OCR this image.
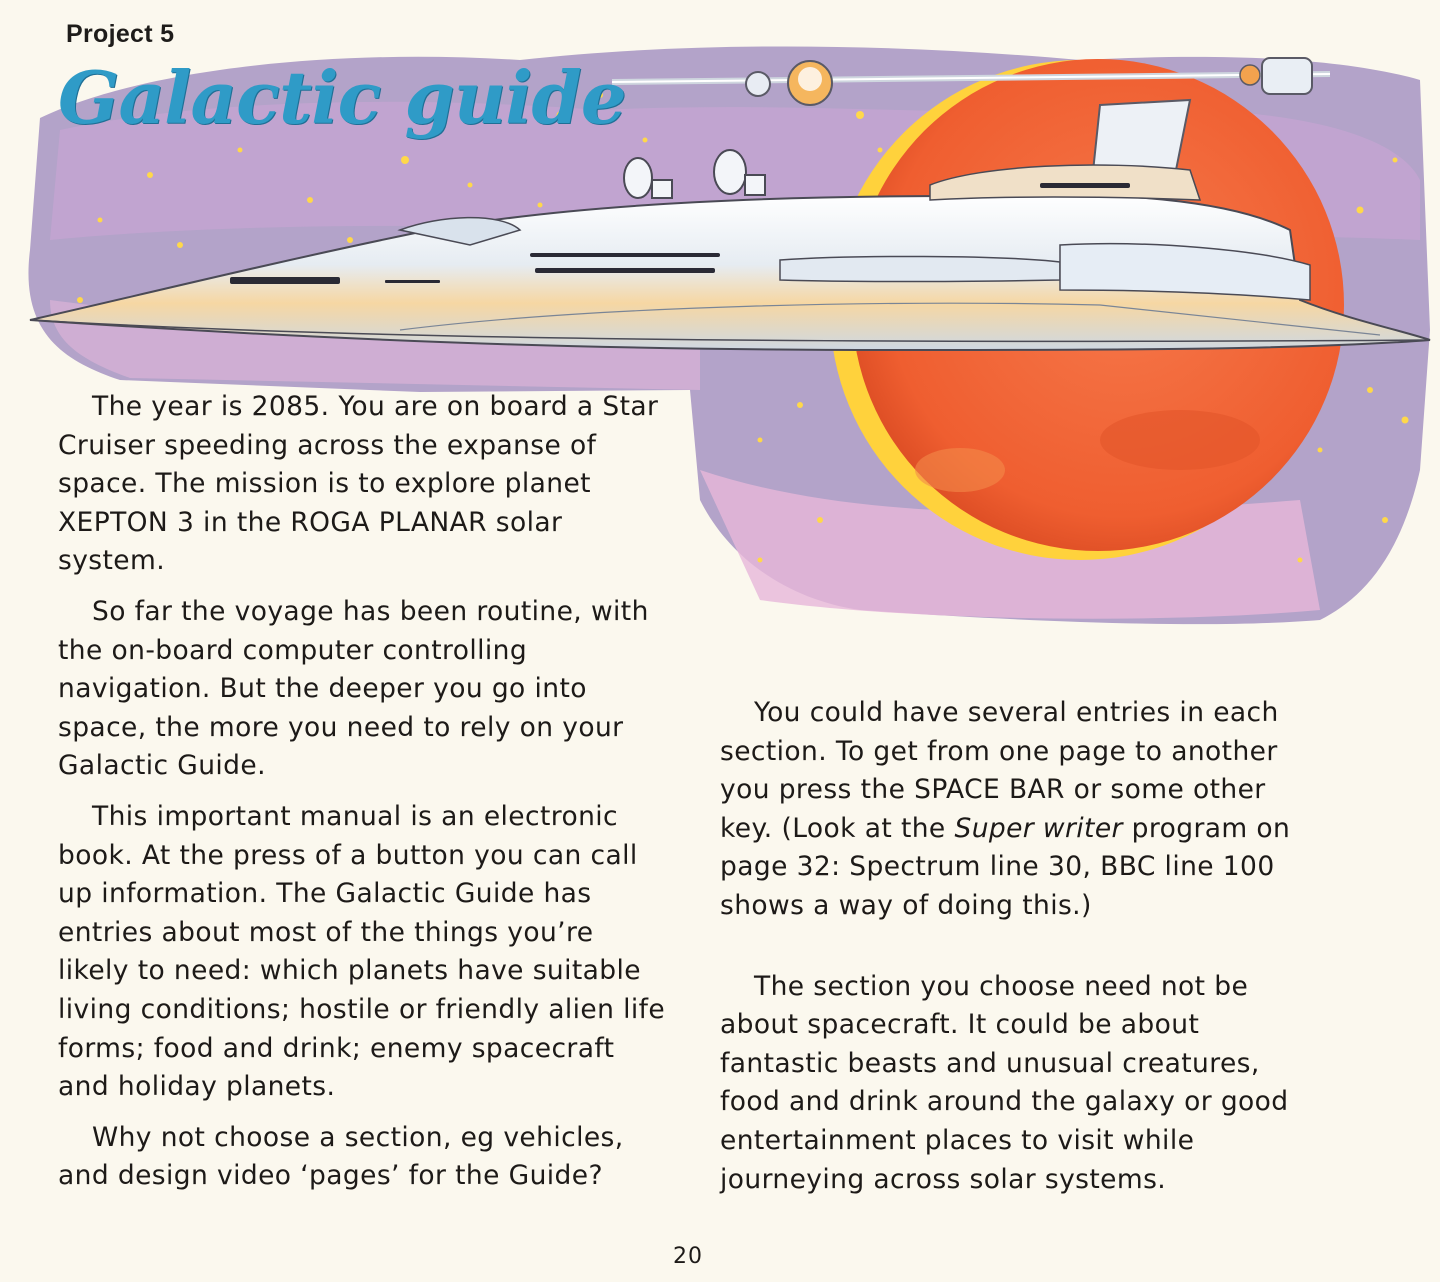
Project 5
Galactic guide

The year is 2085. You are on board a Star Cruiser speeding across the expanse of space. The mission is to explore planet XEPTON 3 in the ROGA PLANAR solar system.

So far the voyage has been routine, with the on-board computer controlling navigation. But the deeper you go into space, the more you need to rely on your Galactic Guide.

This important manual is an electronic book. At the press of a button you can call up information. The Galactic Guide has entries about most of the things you’re likely to need: which planets have suitable living conditions; hostile or friendly alien life forms; food and drink; enemy spacecraft and holiday planets.

Why not choose a section, eg vehicles, and design video ‘pages’ for the Guide?

You could have several entries in each section. To get from one page to another you press the SPACE BAR or some other key. (Look at the Super writer program on page 32: Spectrum line 30, BBC line 100 shows a way of doing this.)

The section you choose need not be about spacecraft. It could be about fantastic beasts and unusual creatures, food and drink around the galaxy or good entertainment places to visit while journeying across solar systems.

20
